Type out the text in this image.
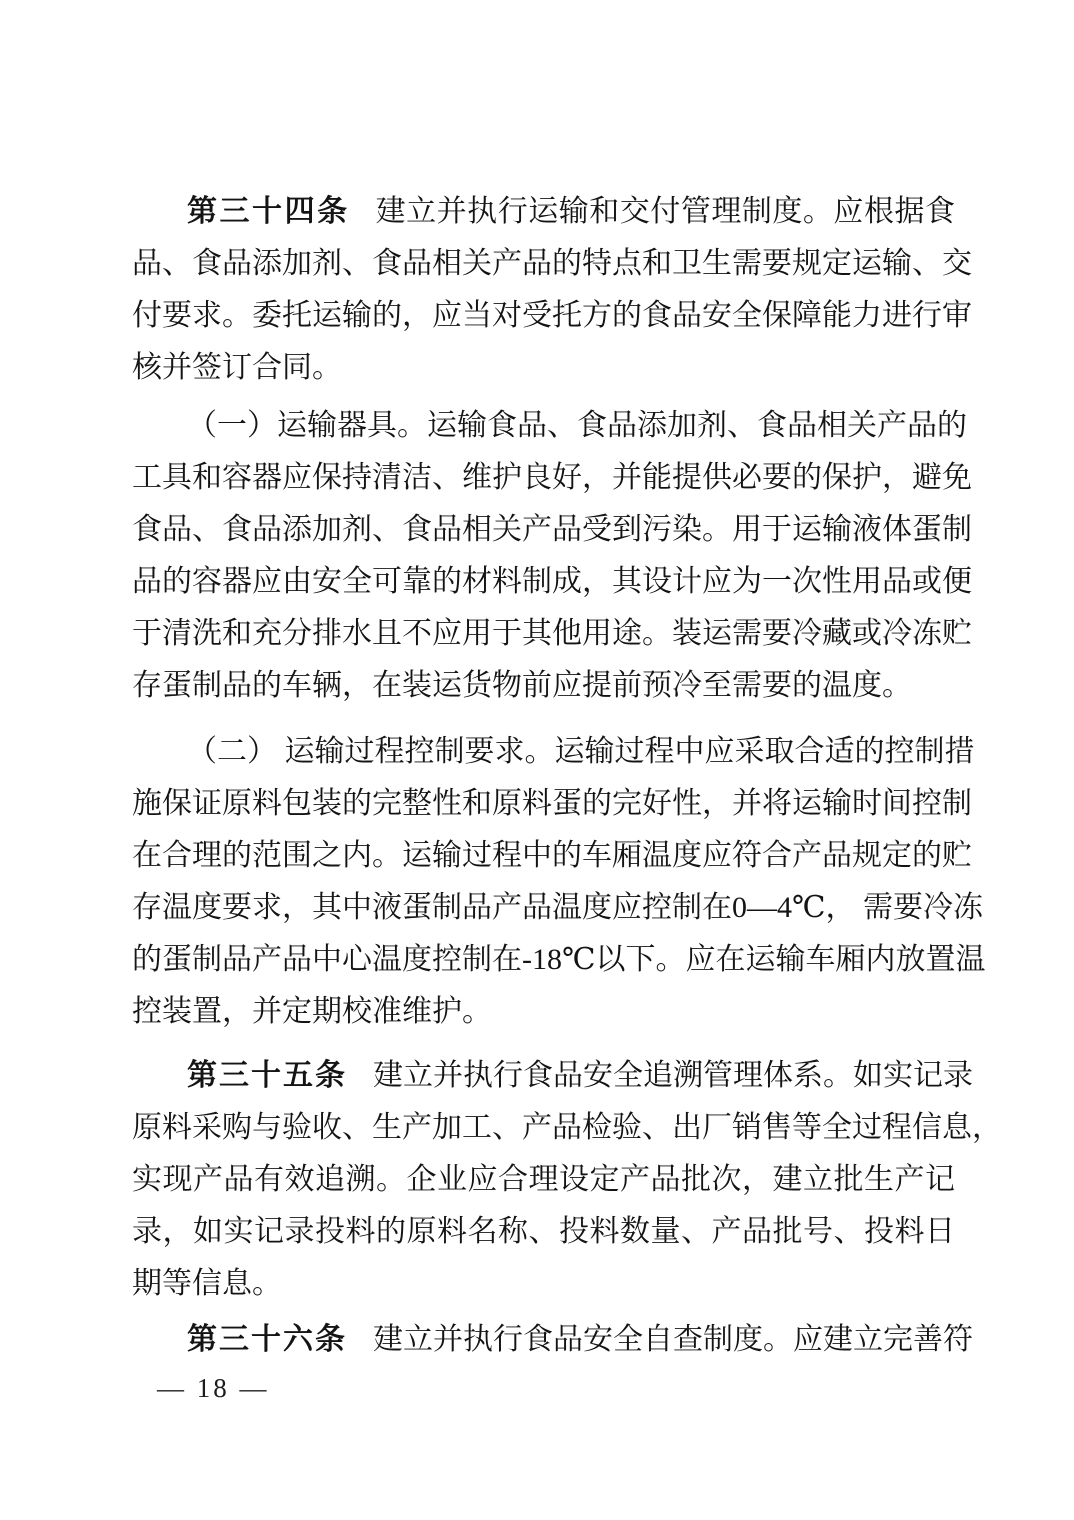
第三十四条 建立并执行运输和交付管理制度。应根据食
品、食品添加剂、食品相关产品的特点和卫生需要规定运输、交
付要求。委托运输的，应当对受托方的食品安全保障能力进行审
核并签订合同。
（一）运输器具。运输食品、食品添加剂、食品相关产品的
工具和容器应保持清洁、维护良好，并能提供必要的保护，避免
食品、食品添加剂、食品相关产品受到污染。用于运输液体蛋制
品的容器应由安全可靠的材料制成，其设计应为一次性用品或便
于清洗和充分排水且不应用于其他用途。装运需要冷藏或冷冻贮
存蛋制品的车辆，在装运货物前应提前预冷至需要的温度。
（二） 运输过程控制要求。运输过程中应采取合适的控制措
施保证原料包装的完整性和原料蛋的完好性，并将运输时间控制
在合理的范围之内。运输过程中的车厢温度应符合产品规定的贮
存温度要求，其中液蛋制品产品温度应控制在0—4℃， 需要冷冻
的蛋制品产品中心温度控制在-18℃以下。应在运输车厢内放置温
控装置，并定期校准维护。
第三十五条 建立并执行食品安全追溯管理体系。如实记录
原料采购与验收、生产加工、产品检验、出厂销售等全过程信息，
实现产品有效追溯。企业应合理设定产品批次，建立批生产记
录，如实记录投料的原料名称、投料数量、产品批号、投料日
期等信息。
第三十六条 建立并执行食品安全自查制度。应建立完善符
— 18 —
